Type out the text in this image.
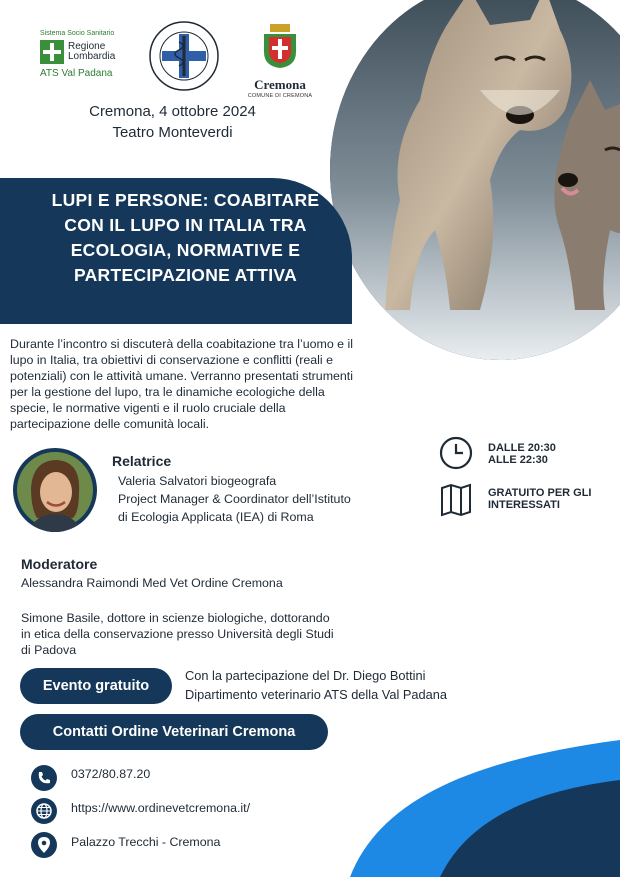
Sistema Socio Sanitario
Regione
Lombardia
ATS Val Padana
Cremona
COMUNE DI CREMONA
Cremona, 4 ottobre 2024
Teatro Monteverdi
LUPI E PERSONE: COABITARE
CON IL LUPO IN ITALIA TRA
ECOLOGIA, NORMATIVE E
PARTECIPAZIONE ATTIVA
Durante l’incontro si discuterà della coabitazione tra l’uomo e il
lupo in Italia, tra obiettivi di conservazione e conflitti (reali e
potenziali) con le attività umane. Verranno presentati strumenti
per la gestione del lupo, tra le dinamiche ecologiche della
specie, le normative vigenti e il ruolo cruciale della
partecipazione delle comunità locali.
Relatrice
Valeria Salvatori biogeografa
Project Manager & Coordinator dell’Istituto
di Ecologia Applicata (IEA) di Roma
DALLE 20:30
ALLE 22:30
GRATUITO PER GLI
INTERESSATI
Moderatore
Alessandra Raimondi Med Vet Ordine Cremona
Simone Basile, dottore in scienze biologiche, dottorando
in etica della conservazione presso Università degli Studi
di Padova
Evento gratuito
Con la partecipazione del Dr. Diego Bottini
Dipartimento veterinario ATS della Val Padana
Contatti Ordine Veterinari Cremona
0372/80.87.20
https://www.ordinevetcremona.it/
Palazzo Trecchi - Cremona
